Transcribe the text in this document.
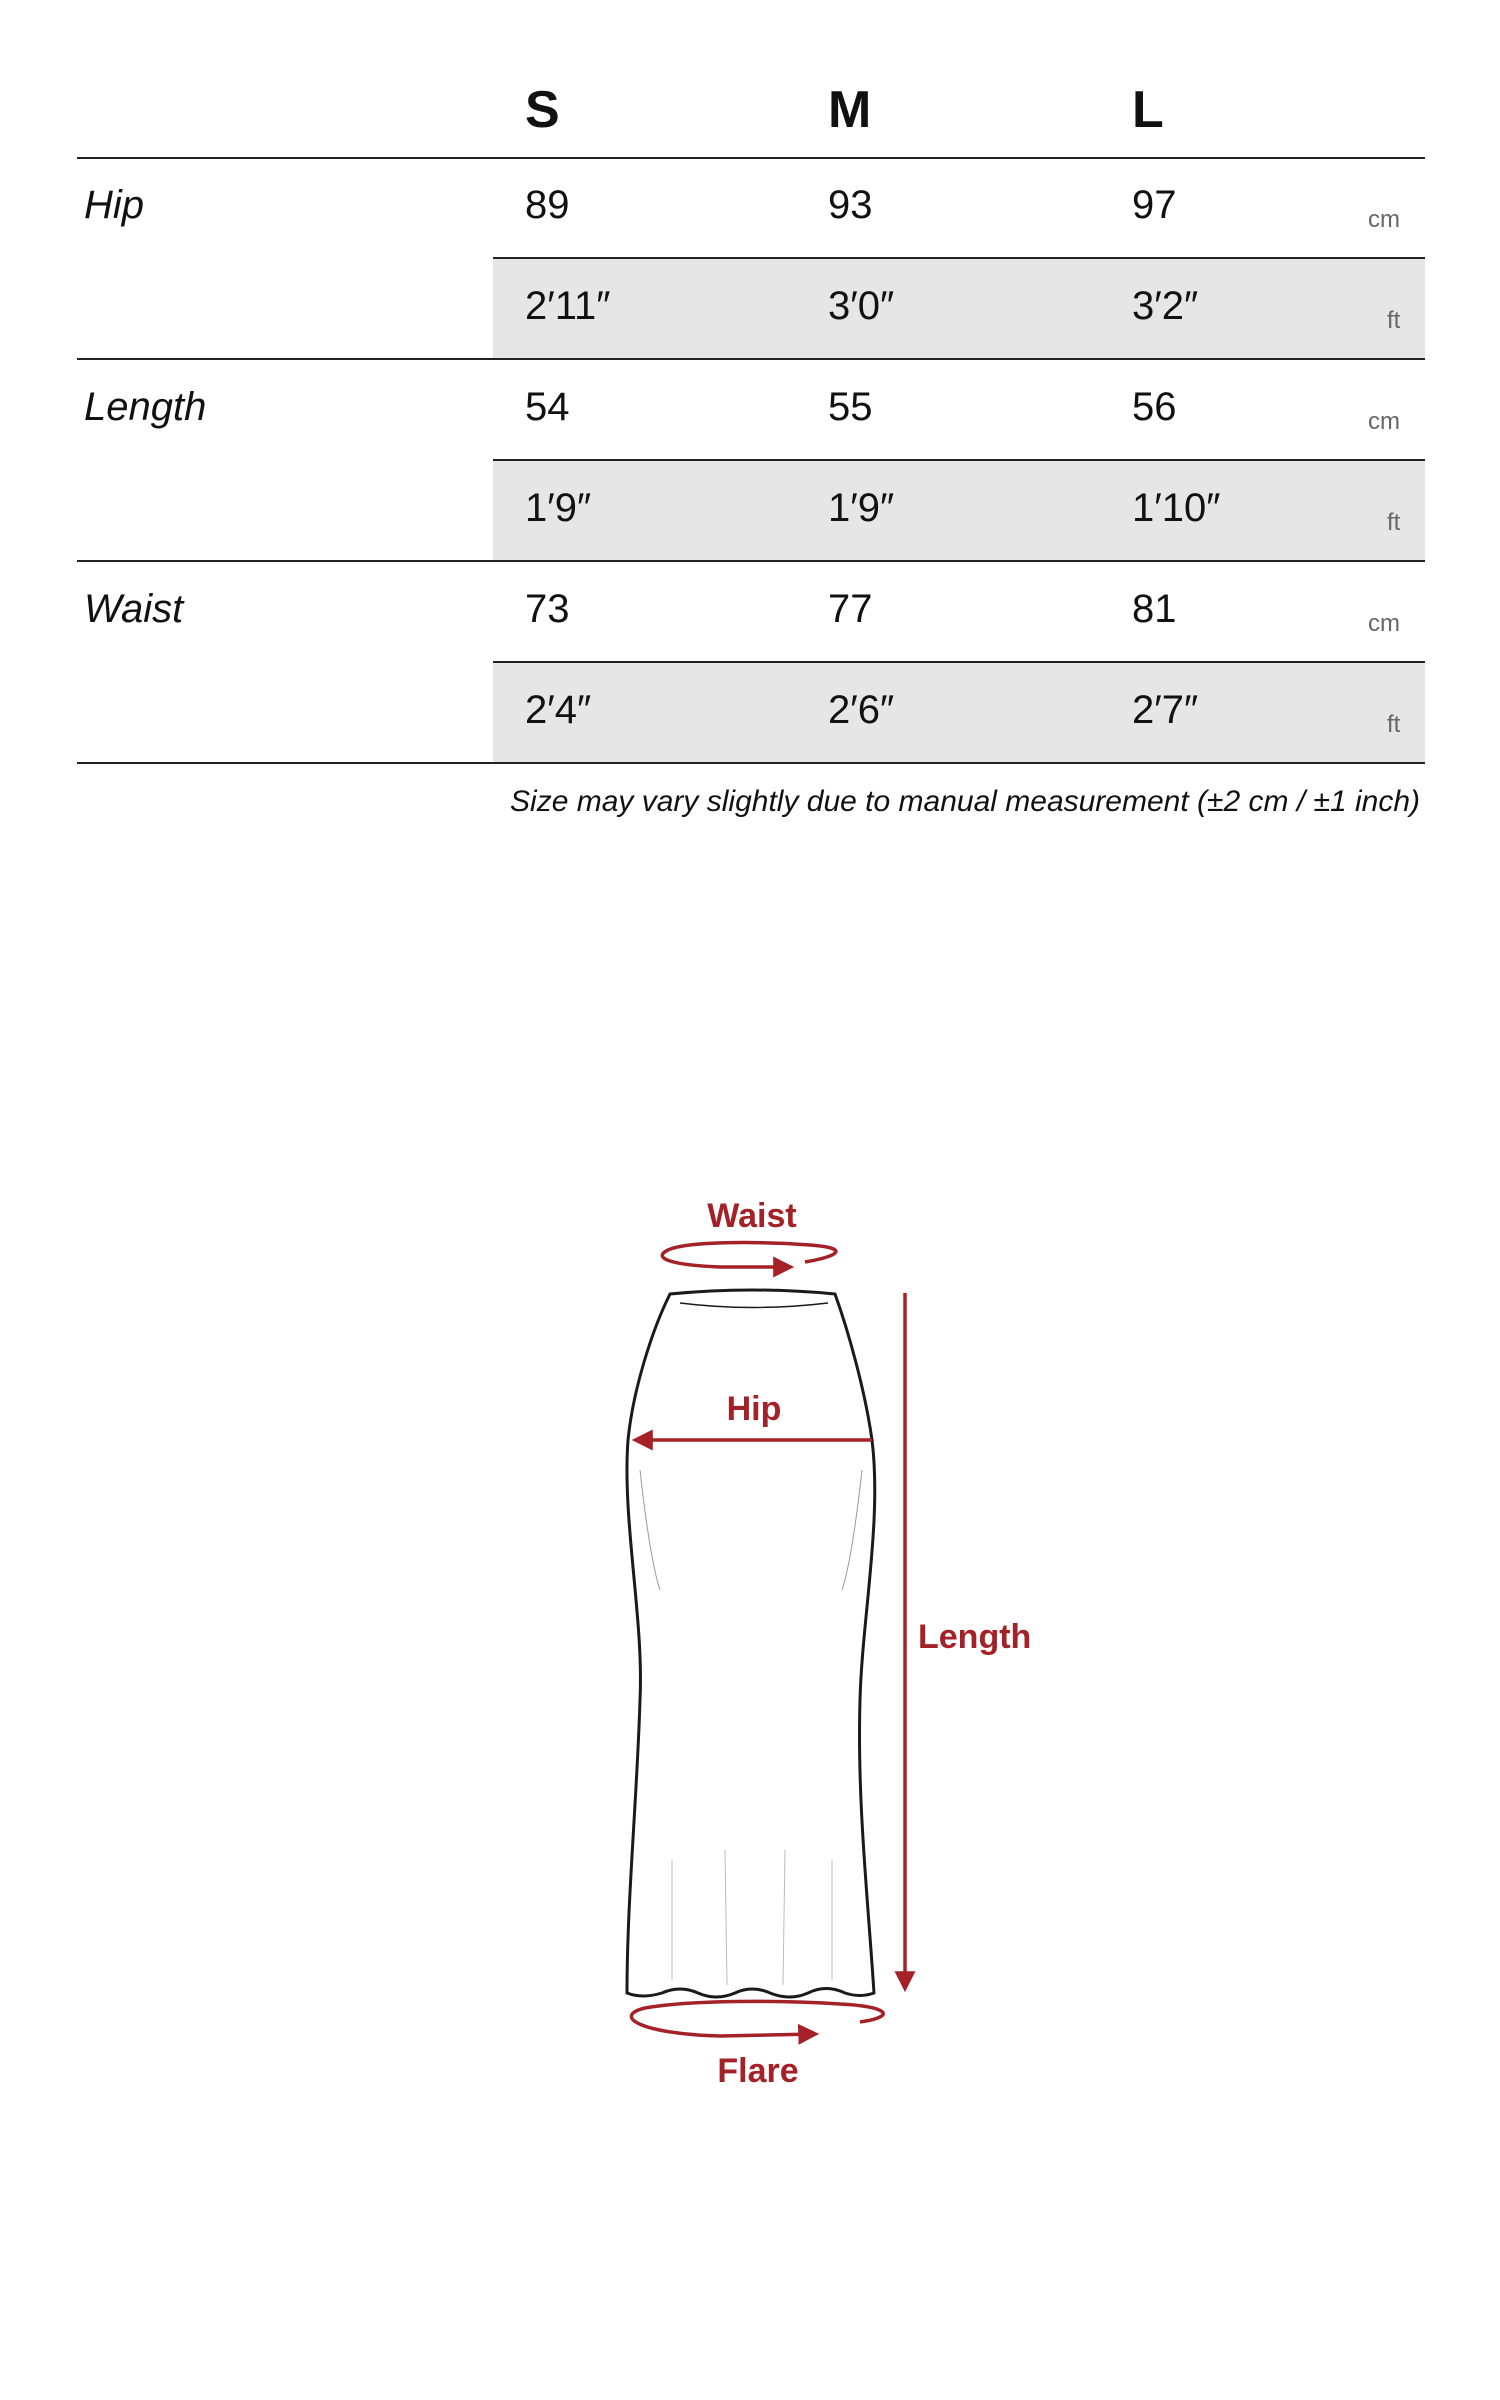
S	M	L
Hip	89	93	97	cm
2′11″	3′0″	3′2″	ft
Length	54	55	56	cm
1′9″	1′9″	1′10″	ft
Waist	73	77	81	cm
2′4″	2′6″	2′7″	ft
Size may vary slightly due to manual measurement (±2 cm / ±1 inch)
Waist
Hip
Length
Flare
